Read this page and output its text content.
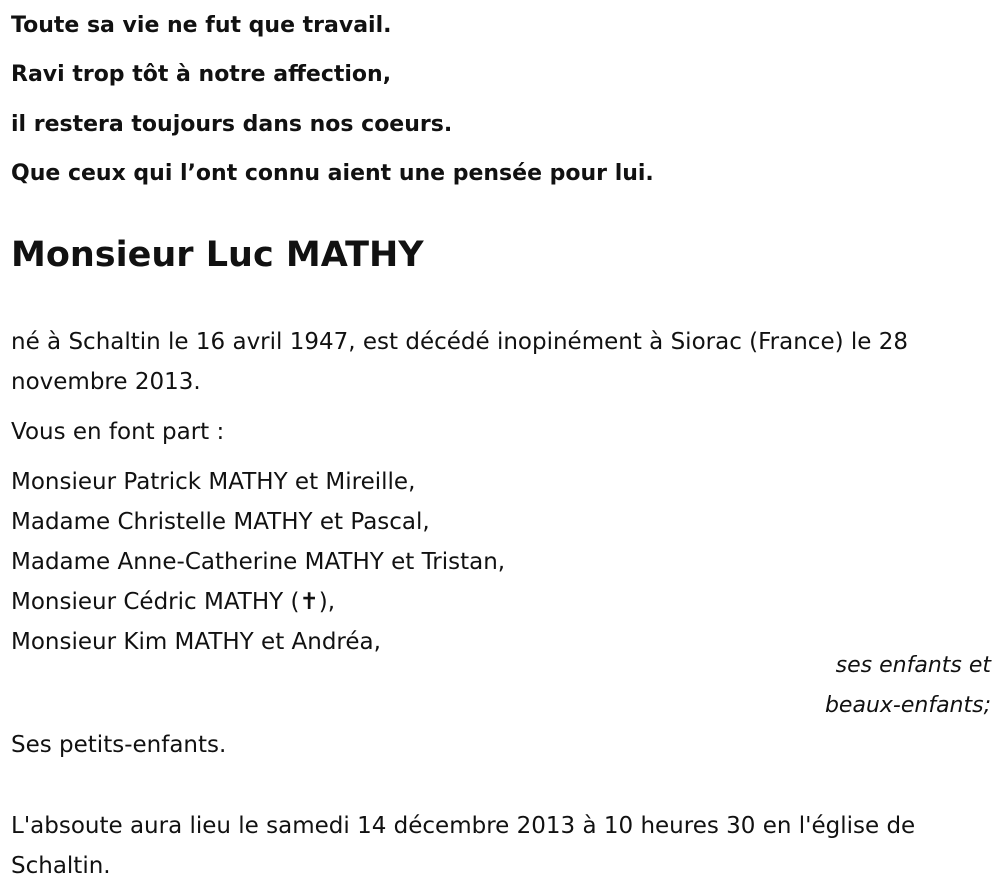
Toute sa vie ne fut que travail.
Ravi trop tôt à notre affection,
il restera toujours dans nos coeurs.
Que ceux qui l’ont connu aient une pensée pour lui.
Monsieur Luc MATHY
né à Schaltin le 16 avril 1947, est décédé inopinément à Siorac (France) le 28 novembre 2013.
Vous en font part :
Monsieur Patrick MATHY et Mireille,
Madame Christelle MATHY et Pascal,
Madame Anne-Catherine MATHY et Tristan,
Monsieur Cédric MATHY (✝),
Monsieur Kim MATHY et Andréa,
ses enfants et
beaux-enfants;
Ses petits-enfants.
L'absoute aura lieu le samedi 14 décembre 2013 à 10 heures 30 en l'église de Schaltin.
